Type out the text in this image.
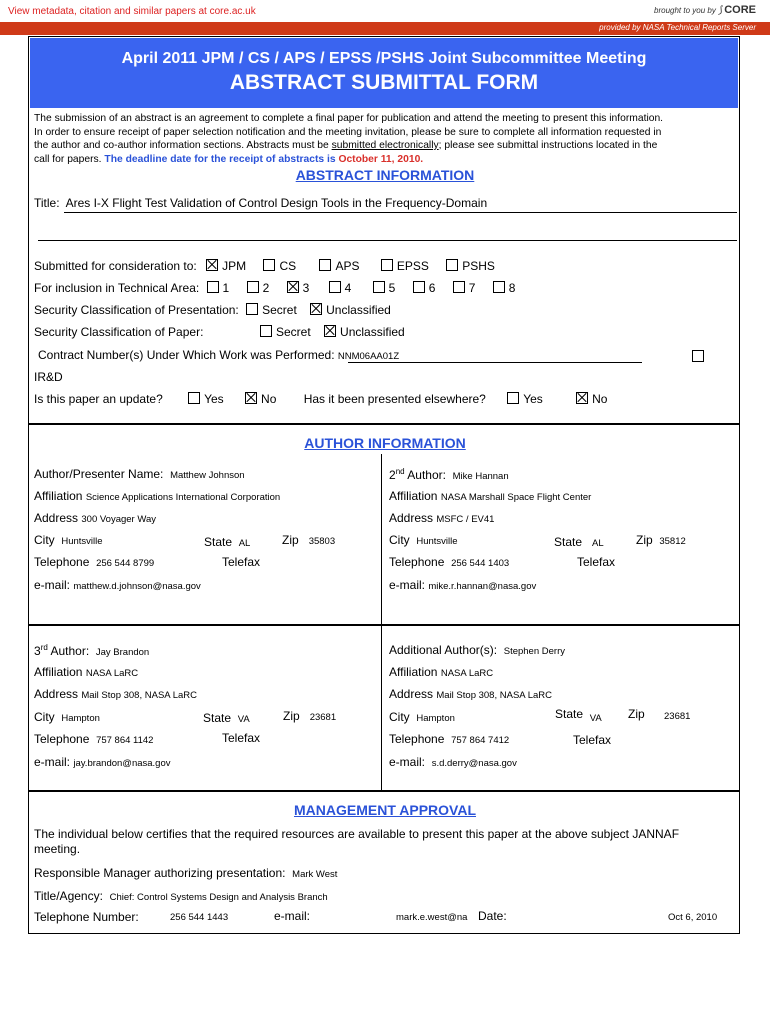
View metadata, citation and similar papers at core.ac.uk	brought to you by ⟆ CORE
provided by NASA Technical Reports Server
April 2011 JPM / CS / APS / EPSS /PSHS Joint Subcommittee Meeting
ABSTRACT SUBMITTAL FORM
The submission of an abstract is an agreement to complete a final paper for publication and attend the meeting to present this information.
In order to ensure receipt of paper selection notification and the meeting invitation, please be sure to complete all information requested in
the author and co-author information sections. Abstracts must be submitted electronically; please see submittal instructions located in the
call for papers. The deadline date for the receipt of abstracts is October 11, 2010.
ABSTRACT INFORMATION
Title: Ares I-X Flight Test Validation of Control Design Tools in the Frequency-Domain
Submitted for consideration to: JPM	CS	APS	EPSS	PSHS
For inclusion in Technical Area: 1	2	3	4	5	6	7	8
Security Classification of Presentation: Secret Unclassified
Security Classification of Paper:	Secret Unclassified
Contract Number(s) Under Which Work was Performed: NNM06AA01Z
IR&D
Is this paper an update?	Yes	No Has it been presented elsewhere?	Yes	No
AUTHOR INFORMATION
Author/Presenter Name: Matthew Johnson
Affiliation Science Applications International Corporation
Address 300 Voyager Way
City Huntsville	State AL	Zip 35803
Telephone 256 544 8799	Telefax
e-mail: matthew.d.johnson@nasa.gov
2nd Author: Mike Hannan
Affiliation NASA Marshall Space Flight Center
Address MSFC / EV41
City Huntsville	State AL	Zip 35812
Telephone 256 544 1403	Telefax
e-mail: mike.r.hannan@nasa.gov
3rd Author: Jay Brandon
Affiliation NASA LaRC
Address Mail Stop 308, NASA LaRC
City Hampton	State VA	Zip 23681
Telephone 757 864 1142	Telefax
e-mail: jay.brandon@nasa.gov
Additional Author(s): Stephen Derry
Affiliation NASA LaRC
Address Mail Stop 308, NASA LaRC
City Hampton	State $_{VA}$ Zip 23681
Telephone 757 864 7412	Telefax
e-mail: s.d.derry@nasa.gov
MANAGEMENT APPROVAL
The individual below certifies that the required resources are available to present this paper at the above subject JANNAF
meeting.
Responsible Manager authorizing presentation: Mark West
Title/Agency: Chief: Control Systems Design and Analysis Branch
Telephone Number:	256 544 1443	e-mail:	mark.e.west@na Date:	Oct 6, 2010
